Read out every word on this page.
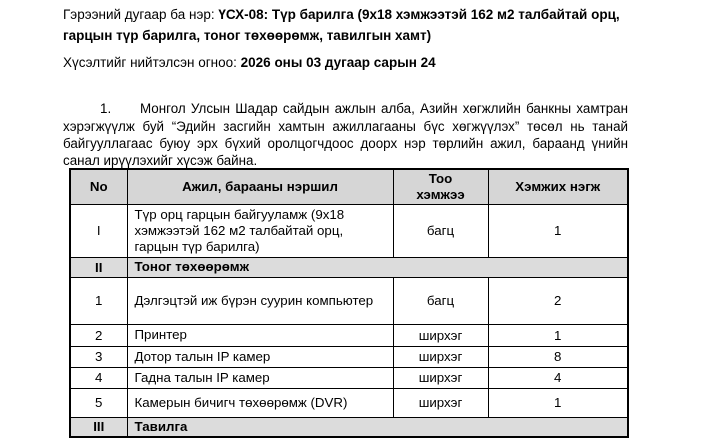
Гэрээний дугаар ба нэр: ҮСХ-08: Түр барилга (9х18 хэмжээтэй 162 м2 талбайтай орц, гарцын түр барилга, тоног төхөөрөмж, тавилгын хамт)
Хүсэлтийг нийтэлсэн огноо: 2026 оны 03 дугаар сарын 24

1. Монгол Улсын Шадар сайдын ажлын алба, Азийн хөгжлийн банкны хамтран хэрэгжүүлж буй “Эдийн засгийн хамтын ажиллагааны бүс хөгжүүлэх” төсөл нь танай байгууллагаас буюу эрх бүхий оролцогчдоос доорх нэр төрлийн ажил, бараанд үнийн санал ирүүлэхийг хүсэж байна.

No	Ажил, барааны нэршил	Тоо хэмжээ	Хэмжих нэгж
I	Түр орц гарцын байгууламж (9х18 хэмжээтэй 162 м2 талбайтай орц, гарцын түр барилга)	багц	1
II	Тоног төхөөрөмж		
1	Дэлгэцтэй иж бүрэн суурин компьютер	багц	2
2	Принтер	ширхэг	1
3	Дотор талын IP камер	ширхэг	8
4	Гадна талын IP камер	ширхэг	4
5	Камерын бичигч төхөөрөмж (DVR)	ширхэг	1
III	Тавилга		
